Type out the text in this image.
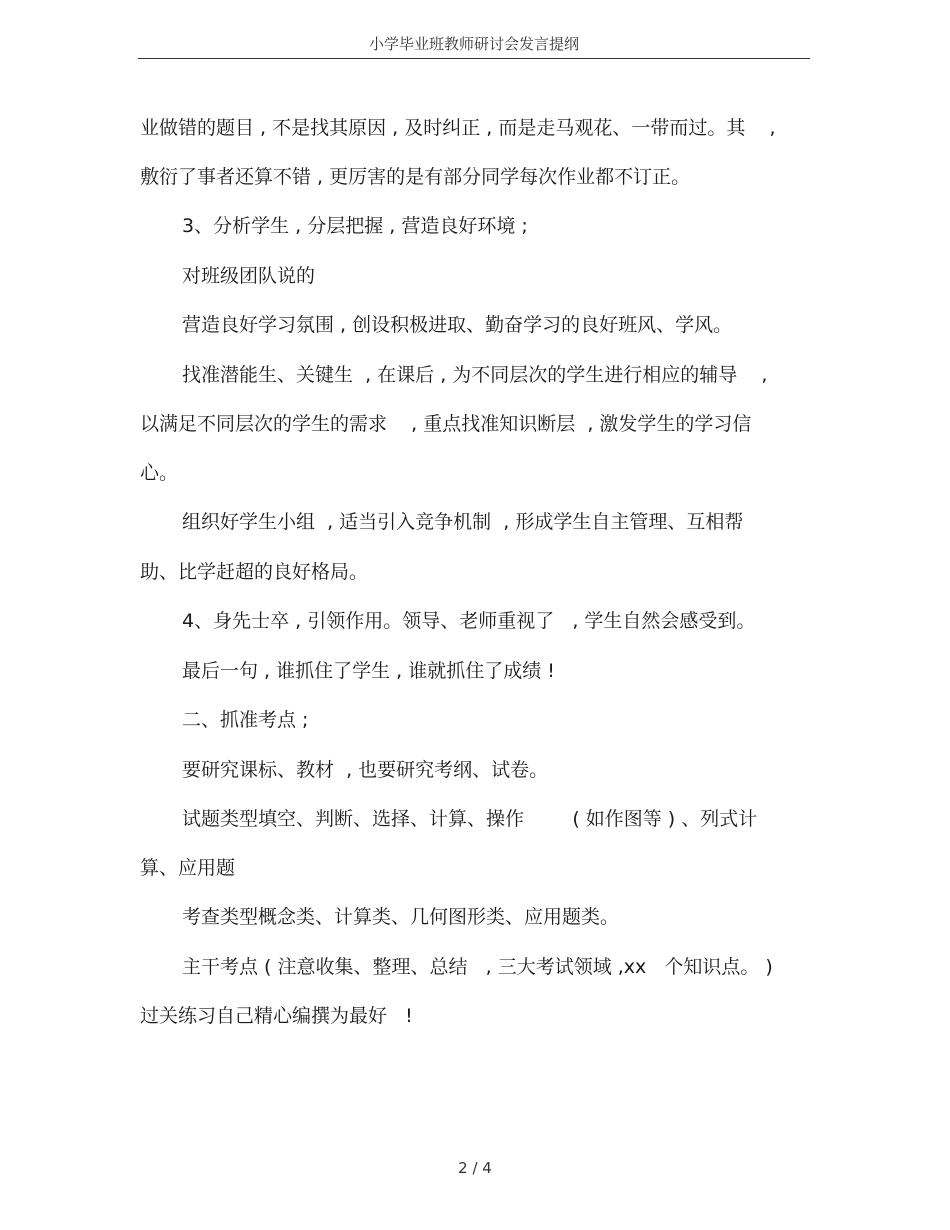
小学毕业班教师研讨会发言提纲
业做错的题目 , 不是找其原因 , 及时纠正 , 而是走马观花、一带而过。其    ,
敷衍了事者还算不错 , 更厉害的是有部分同学每次作业都不订正。
3、分析学生 , 分层把握 , 营造良好环境 ;
对班级团队说的
营造良好学习氛围 , 创设积极进取、勤奋学习的良好班风、学风。
找准潜能生、关键生  , 在课后 , 为不同层次的学生进行相应的辅导    ,
以满足不同层次的学生的需求    , 重点找准知识断层  , 激发学生的学习信
心。
组织好学生小组  , 适当引入竞争机制  , 形成学生自主管理、互相帮
助、比学赶超的良好格局。
4、身先士卒 , 引领作用。领导、老师重视了   , 学生自然会感受到。
最后一句 , 谁抓住了学生 , 谁就抓住了成绩 !
二、抓准考点 ;
要研究课标、教材  , 也要研究考纲、试卷。
试题类型填空、判断、选择、计算、操作        ( 如作图等 ) 、列式计
算、应用题
考查类型概念类、计算类、几何图形类、应用题类。
主干考点 ( 注意收集、整理、总结   , 三大考试领域 ,xx   个知识点。 )
过关练习自己精心编撰为最好   !
2 / 4
